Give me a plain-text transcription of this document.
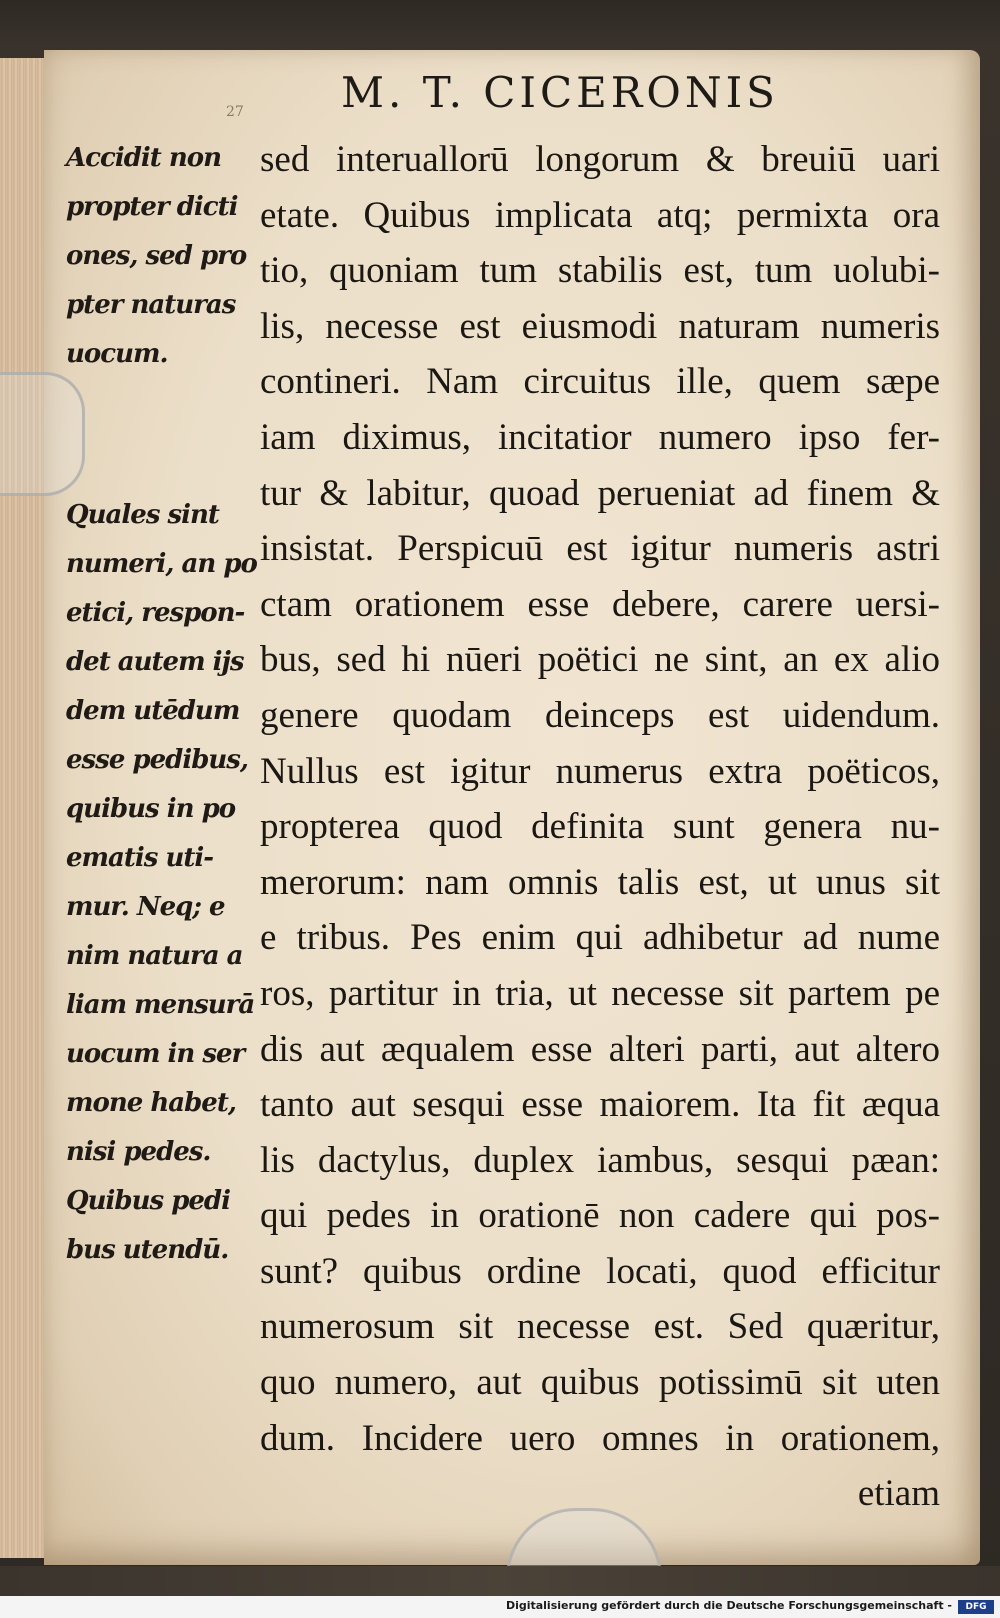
M. T. CICERONIS
27
Accidit non
propter dicti
ones, sed pro
pter naturas
uocum.
Quales sint
numeri, an po
etici, respon-
det autem ijs
dem utēdum
esse pedibus,
quibus in po
ematis uti-
mur. Neq; e
nim natura a
liam mensurā
uocum in ser
mone habet,
nisi pedes.
Quibus pedi
bus utendū.
sed interuallorū longorum & breuiū uari
etate. Quibus implicata atq; permixta ora
tio, quoniam tum stabilis est, tum uolubi-
lis, necesse est eiusmodi naturam numeris
contineri. Nam circuitus ille, quem sæpe
iam diximus, incitatior numero ipso fer-
tur & labitur, quoad perueniat ad finem &
insistat. Perspicuū est igitur numeris astri
ctam orationem esse debere, carere uersi-
bus, sed hi nūeri poëtici ne sint, an ex alio
genere quodam deinceps est uidendum.
Nullus est igitur numerus extra poëticos,
propterea quod definita sunt genera nu-
merorum: nam omnis talis est, ut unus sit
e tribus. Pes enim qui adhibetur ad nume
ros, partitur in tria, ut necesse sit partem pe
dis aut æqualem esse alteri parti, aut altero
tanto aut sesqui esse maiorem. Ita fit æqua
lis dactylus, duplex iambus, sesqui pæan:
qui pedes in orationē non cadere qui pos-
sunt? quibus ordine locati, quod efficitur
numerosum sit necesse est. Sed quæritur,
quo numero, aut quibus potissimū sit uten
dum. Incidere uero omnes in orationem,
etiam
Digitalisierung gefördert durch die Deutsche Forschungsgemeinschaft -	DFG
